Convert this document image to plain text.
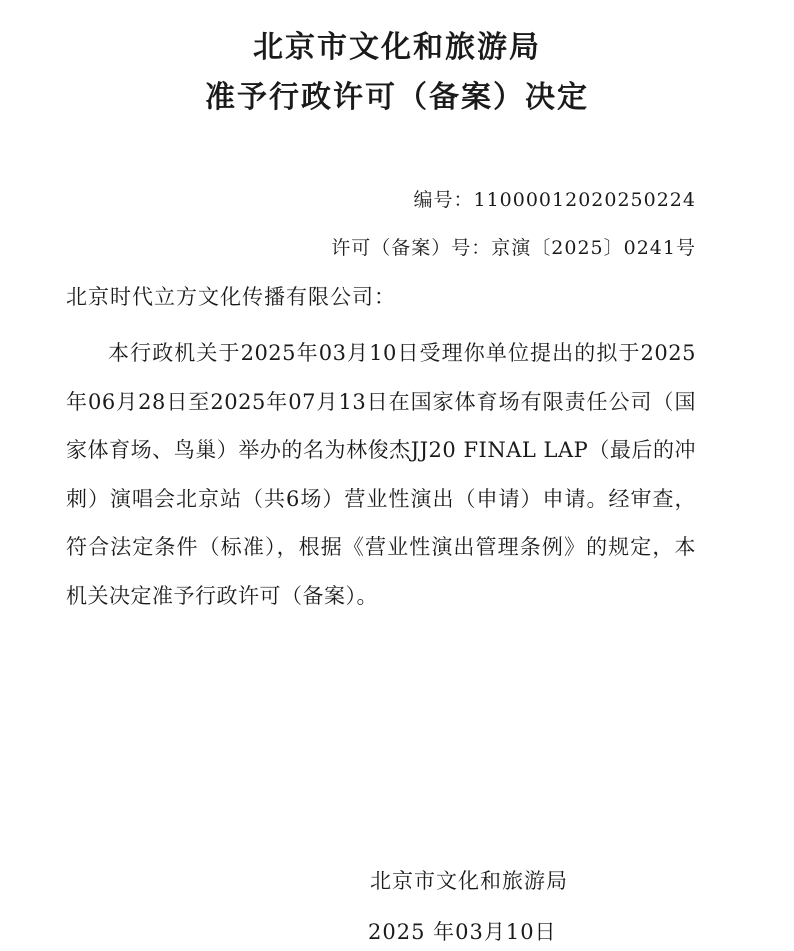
北京市文化和旅游局
准予行政许可（备案）决定
编号：11000012020250224
许可（备案）号：京演〔2025〕0241号
北京时代立方文化传播有限公司：

本行政机关于2025年03月10日受理你单位提出的拟于2025年06月28日至2025年07月13日在国家体育场有限责任公司（国家体育场、鸟巢）举办的名为林俊杰JJ20 FINAL LAP（最后的冲刺）演唱会北京站（共6场）营业性演出（申请）申请。经审查，符合法定条件（标准），根据《营业性演出管理条例》的规定，本机关决定准予行政许可（备案）。

北京市文化和旅游局
2025 年03月10日
